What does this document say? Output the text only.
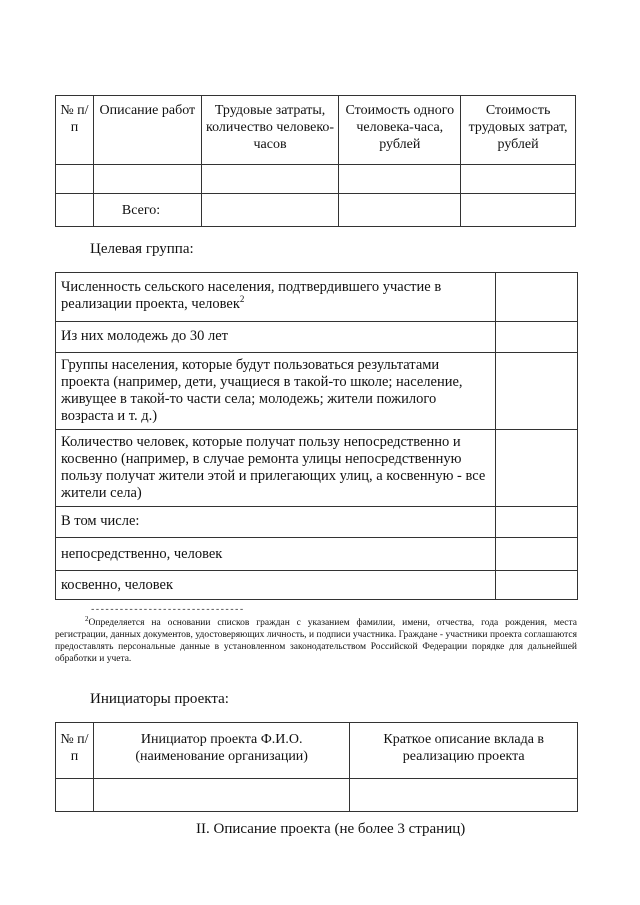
№ п/п	Описание работ	Трудовые затраты, количество человеко-часов	Стоимость одного человека-часа, рублей	Стоимость трудовых затрат, рублей

	Всего:			
Целевая группа:
Численность сельского населения, подтвердившего участие в реализации проекта, человек$^2$	
Из них молодежь до 30 лет	
Группы населения, которые будут пользоваться результатами проекта (например, дети, учащиеся в такой-то школе; население, живущее в такой-то части села; молодежь; жители пожилого возраста и т. д.)	
Количество человек, которые получат пользу непосредственно и косвенно (например, в случае ремонта улицы непосредственную пользу получат жители этой и прилегающих улиц, а косвенную - все жители села)	
В том числе:	
непосредственно, человек	
косвенно, человек	
--------------------------------
$^2$Определяется на основании списков граждан с указанием фамилии, имени, отчества, года рождения, места регистрации, данных документов, удостоверяющих личность, и подписи участника. Граждане - участники проекта соглашаются предоставлять персональные данные в установленном законодательством Российской Федерации порядке для дальнейшей обработки и учета.
Инициаторы проекта:
№ п/п	Инициатор проекта Ф.И.О. (наименование организации)	Краткое описание вклада в реализацию проекта

II. Описание проекта (не более 3 страниц)
